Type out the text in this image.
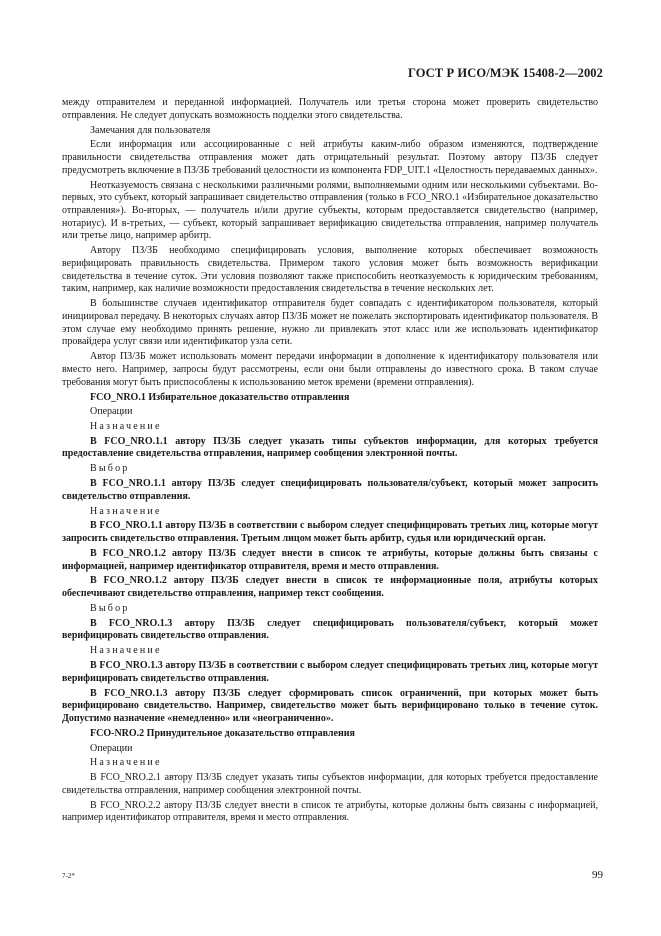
ГОСТ Р ИСО/МЭК 15408-2—2002

между отправителем и переданной информацией. Получатель или третья сторона может проверить свидетельство отправления. Не следует допускать возможность подделки этого свидетельства.

Замечания для пользователя

Если информация или ассоциированные с ней атрибуты каким-либо образом изменяются, подтверждение правильности свидетельства отправления может дать отрицательный результат. Поэтому автору ПЗ/ЗБ следует предусмотреть включение в ПЗ/ЗБ требований целостности из компонента FDP_UIT.1 «Целостность передаваемых данных».

Неотказуемость связана с несколькими различными ролями, выполняемыми одним или несколькими субъектами. Во-первых, это субъект, который запрашивает свидетельство отправления (только в FCO_NRO.1 «Избирательное доказательство отправления»). Во-вторых, — получатель и/или другие субъекты, которым предоставляется свидетельство (например, нотариус). И в-третьих, — субъект, который запрашивает верификацию свидетельства отправления, например получатель или третье лицо, например арбитр.

Автору ПЗ/ЗБ необходимо специфицировать условия, выполнение которых обеспечивает возможность верифицировать правильность свидетельства. Примером такого условия может быть возможность верификации свидетельства в течение суток. Эти условия позволяют также приспособить неотказуемость к юридическим требованиям, таким, например, как наличие возможности предоставления свидетельства в течение нескольких лет.

В большинстве случаев идентификатор отправителя будет совпадать с идентификатором пользователя, который инициировал передачу. В некоторых случаях автор ПЗ/ЗБ может не пожелать экспортировать идентификатор пользователя. В этом случае ему необходимо принять решение, нужно ли привлекать этот класс или же использовать идентификатор провайдера услуг связи или идентификатор узла сети.

Автор ПЗ/ЗБ может использовать момент передачи информации в дополнение к идентификатору пользователя или вместо него. Например, запросы будут рассмотрены, если они были отправлены до известного срока. В таком случае требования могут быть приспособлены к использованию меток времени (времени отправления).

FCO_NRO.1 Избирательное доказательство отправления

Операции

Назначение

В FCO_NRO.1.1 автору ПЗ/ЗБ следует указать типы субъектов информации, для которых требуется предоставление свидетельства отправления, например сообщения электронной почты.

Выбор

В FCO_NRO.1.1 автору ПЗ/ЗБ следует специфицировать пользователя/субъект, который может запросить свидетельство отправления.

Назначение

В FCO_NRO.1.1 автору ПЗ/ЗБ в соответствии с выбором следует специфицировать третьих лиц, которые могут запросить свидетельство отправления. Третьим лицом может быть арбитр, судья или юридический орган.

В FCO_NRO.1.2 автору ПЗ/ЗБ следует внести в список те атрибуты, которые должны быть связаны с информацией, например идентификатор отправителя, время и место отправления.

В FCO_NRO.1.2 автору ПЗ/ЗБ следует внести в список те информационные поля, атрибуты которых обеспечивают свидетельство отправления, например текст сообщения.

Выбор

В FCO_NRO.1.3 автору ПЗ/ЗБ следует специфицировать пользователя/субъект, который может верифицировать свидетельство отправления.

Назначение

В FCO_NRO.1.3 автору ПЗ/ЗБ в соответствии с выбором следует специфицировать третьих лиц, которые могут верифицировать свидетельство отправления.

В FCO_NRO.1.3 автору ПЗ/ЗБ следует сформировать список ограничений, при которых может быть верифицировано свидетельство. Например, свидетельство может быть верифицировано только в течение суток. Допустимо назначение «немедленно» или «неограниченно».

FCO-NRO.2 Принудительное доказательство отправления

Операции

Назначение

В FCO_NRO.2.1 автору ПЗ/ЗБ следует указать типы субъектов информации, для которых требуется предоставление свидетельства отправления, например сообщения электронной почты.

В FCO_NRO.2.2 автору ПЗ/ЗБ следует внести в список те атрибуты, которые должны быть связаны с информацией, например идентификатор отправителя, время и место отправления.

7-2*	99
